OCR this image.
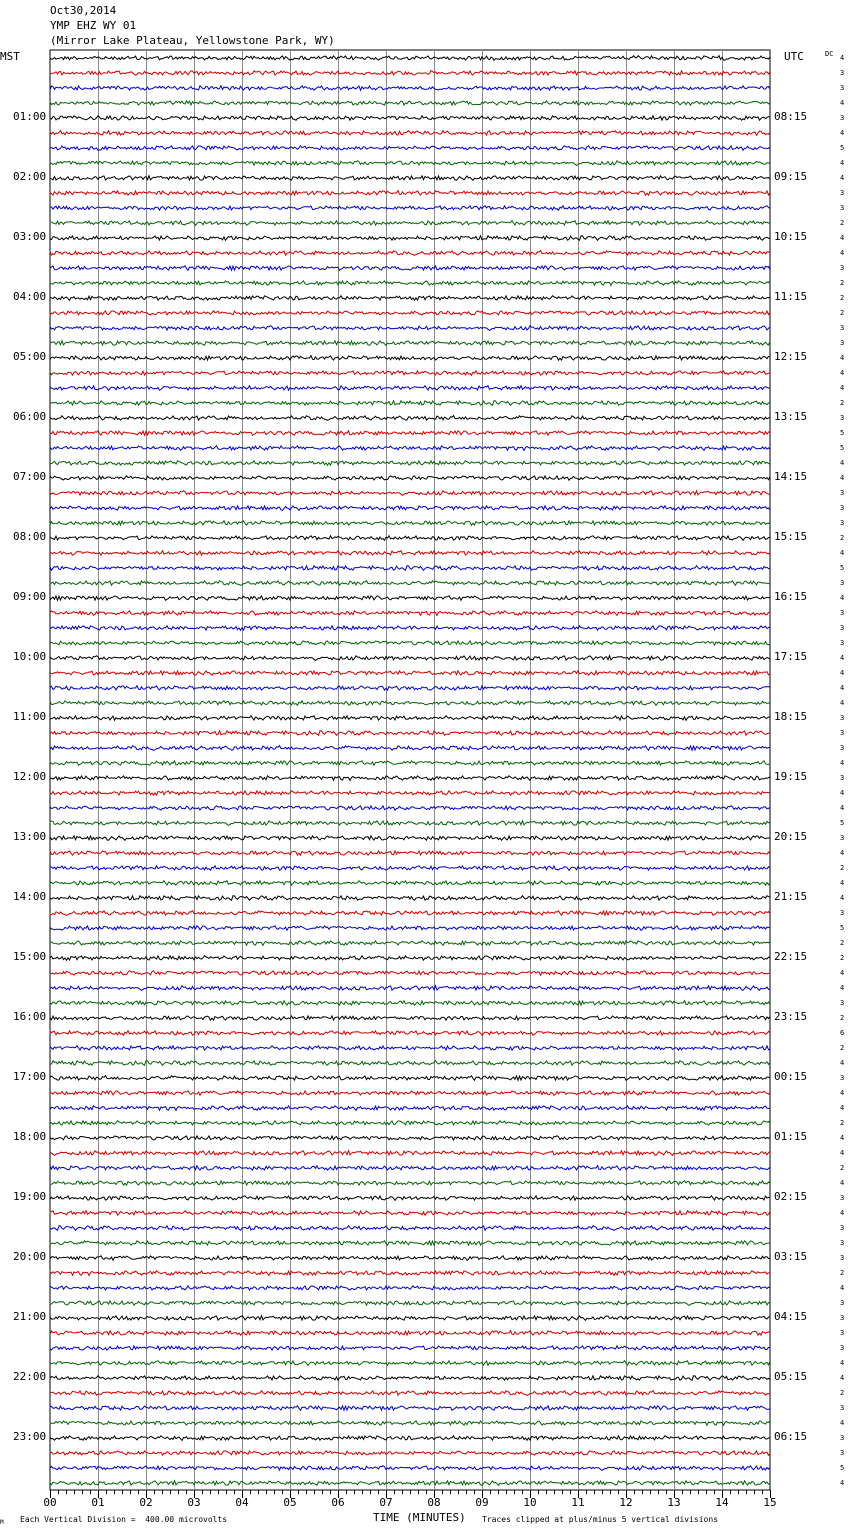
Oct30,2014
YMP EHZ WY 01
(Mirror Lake Plateau, Yellowstone Park, WY)
MST	UTC	DC
00	01	02	03	04	05	06	07	08	09	10	11	12	13	14	15
01:00
02:00
03:00
04:00
05:00
06:00
07:00
08:00
09:00
10:00
11:00
12:00
13:00
14:00
15:00
16:00
17:00
18:00
19:00
20:00
21:00
22:00
23:00
08:15
09:15
10:15
11:15
12:15
13:15
14:15
15:15
16:15
17:15
18:15
19:15
20:15
21:15
22:15
23:15
00:15
01:15
02:15
03:15
04:15
05:15
06:15
4
3
3
4
3
4
5
4
4
3
3
2
4
4
3
2
2
2
3
3
4
4
4
2
3
5
5
4
4
3
3
3
2
4
5
3
4
3
3
3
4
4
4
4
3
3
3
4
3
4
4
5
3
4
2
4
4
3
5
2
2
4
4
3
2
6
2
4
3
4
4
2
4
4
2
4
3
4
3
3
3
2
4
3
3
3
3
4
4
2
3
4
3
3
5
4
M Each Vertical Division =  400.00 microvolts	TIME (MINUTES) Traces clipped at plus/minus 5 vertical divisions
